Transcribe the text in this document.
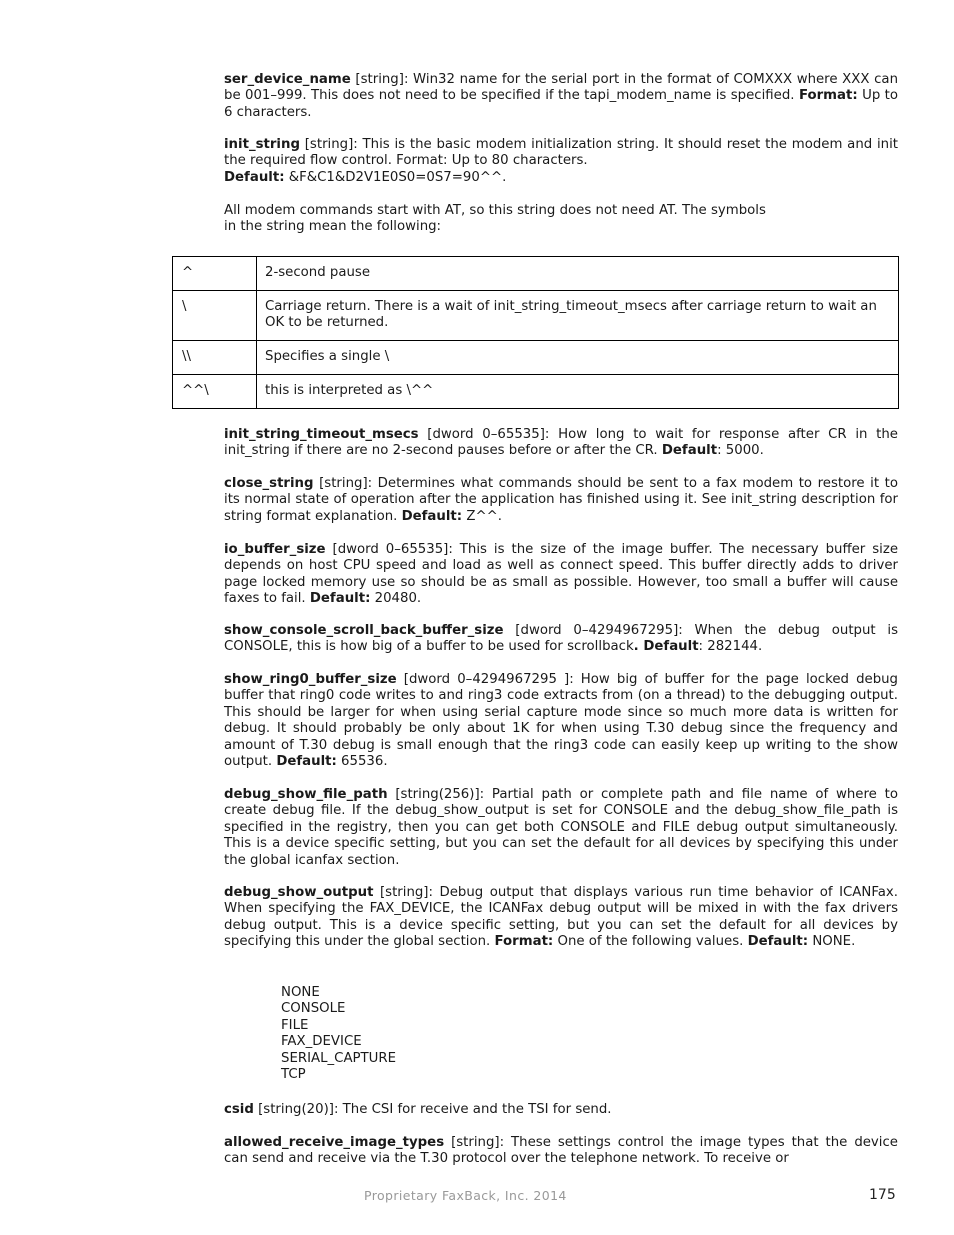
ser_device_name [string]: Win32 name for the serial port in the format of COMXXX where XXX can be 001–999. This does not need to be specified if the tapi_modem_name is specified. Format: Up to 6 characters.

init_string [string]: This is the basic modem initialization string. It should reset the modem and init the required flow control. Format: Up to 80 characters.
Default: &F&C1&D2V1E0S0=0S7=90^^.

All modem commands start with AT, so this string does not need AT. The symbols
in the string mean the following:

^	2-second pause
\	Carriage return. There is a wait of init_string_timeout_msecs after carriage return to wait an OK to be returned.
\\	Specifies a single \
^^\	this is interpreted as \^^

init_string_timeout_msecs [dword 0–65535]: How long to wait for response after CR in the init_string if there are no 2-second pauses before or after the CR. Default: 5000.

close_string [string]: Determines what commands should be sent to a fax modem to restore it to its normal state of operation after the application has finished using it. See init_string description for string format explanation. Default: Z^^.

io_buffer_size [dword 0–65535]: This is the size of the image buffer. The necessary buffer size depends on host CPU speed and load as well as connect speed. This buffer directly adds to driver page locked memory use so should be as small as possible. However, too small a buffer will cause faxes to fail. Default: 20480.

show_console_scroll_back_buffer_size [dword 0–4294967295]: When the debug output is CONSOLE, this is how big of a buffer to be used for scrollback. Default: 282144.

show_ring0_buffer_size [dword 0–4294967295 ]: How big of buffer for the page locked debug buffer that ring0 code writes to and ring3 code extracts from (on a thread) to the debugging output. This should be larger for when using serial capture mode since so much more data is written for debug. It should probably be only about 1K for when using T.30 debug since the frequency and amount of T.30 debug is small enough that the ring3 code can easily keep up writing to the show output. Default: 65536.

debug_show_file_path [string(256)]: Partial path or complete path and file name of where to create debug file. If the debug_show_output is set for CONSOLE and the debug_show_file_path is specified in the registry, then you can get both CONSOLE and FILE debug output simultaneously. This is a device specific setting, but you can set the default for all devices by specifying this under the global icanfax section.

debug_show_output [string]: Debug output that displays various run time behavior of ICANFax. When specifying the FAX_DEVICE, the ICANFax debug output will be mixed in with the fax drivers debug output. This is a device specific setting, but you can set the default for all devices by specifying this under the global section. Format: One of the following values. Default: NONE.

NONE
CONSOLE
FILE
FAX_DEVICE
SERIAL_CAPTURE
TCP

csid [string(20)]: The CSI for receive and the TSI for send.

allowed_receive_image_types [string]: These settings control the image types that the device can send and receive via the T.30 protocol over the telephone network. To receive or

Proprietary FaxBack, Inc. 2014	175
